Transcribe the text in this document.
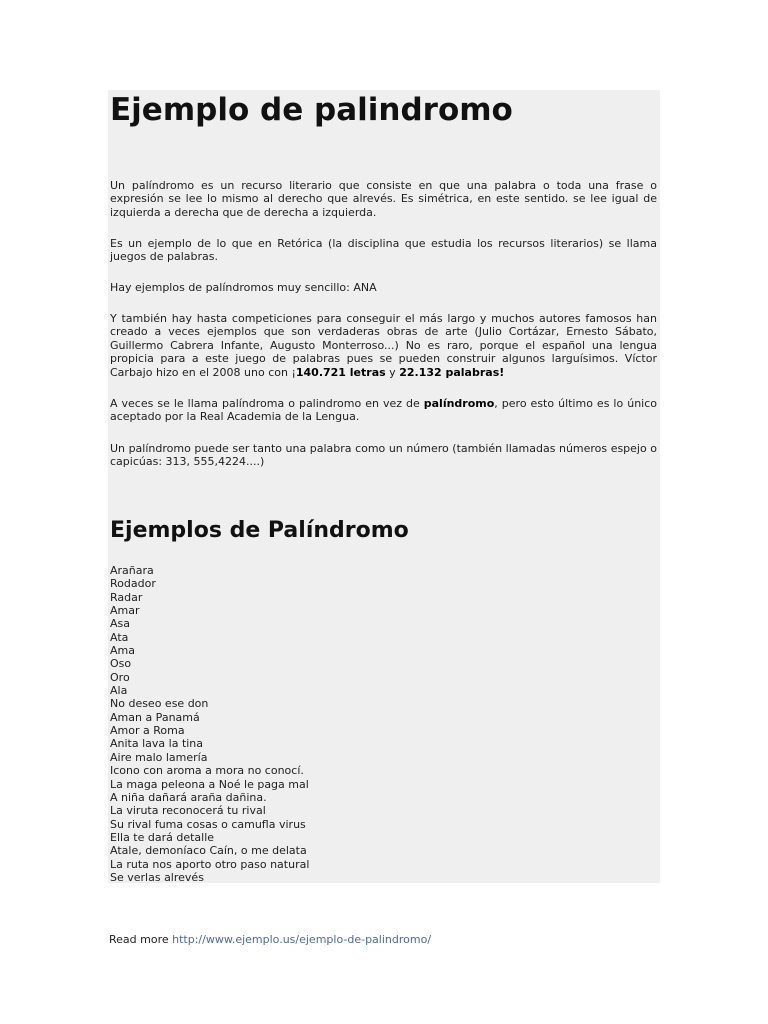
Ejemplo de palindromo

Un palíndromo es un recurso literario que consiste en que una palabra o toda una frase o expresión se lee lo mismo al derecho que alrevés. Es simétrica, en este sentido. se lee igual de izquierda a derecha que de derecha a izquierda.

Es un ejemplo de lo que en Retórica (la disciplina que estudia los recursos literarios) se llama juegos de palabras.

Hay ejemplos de palíndromos muy sencillo: ANA

Y también hay hasta competiciones para conseguir el más largo y muchos autores famosos han creado a veces ejemplos que son verdaderas obras de arte (Julio Cortázar, Ernesto Sábato, Guillermo Cabrera Infante, Augusto Monterroso...) No es raro, porque el español una lengua propicia para a este juego de palabras pues se pueden construir algunos larguísimos. Víctor Carbajo hizo en el 2008 uno con ¡140.721 letras y 22.132 palabras!

A veces se le llama palíndroma o palindromo en vez de palíndromo, pero esto último es lo único aceptado por la Real Academia de la Lengua.

Un palíndromo puede ser tanto una palabra como un número (también llamadas números espejo o capicúas: 313, 555,4224....)

Ejemplos de Palíndromo
Arañara
Rodador
Radar
Amar
Asa
Ata
Ama
Oso
Oro
Ala
No deseo ese don
Aman a Panamá
Amor a Roma
Anita lava la tina
Aire malo lamería
Icono con aroma a mora no conocí.
La maga peleona a Noé le paga mal
A niña dañará araña dañina.
La viruta reconocerá tu rival
Su rival fuma cosas o camufla virus
Ella te dará detalle
Atale, demoníaco Caín, o me delata
La ruta nos aporto otro paso natural
Se verlas alrevés
Read more http://www.ejemplo.us/ejemplo-de-palindromo/
